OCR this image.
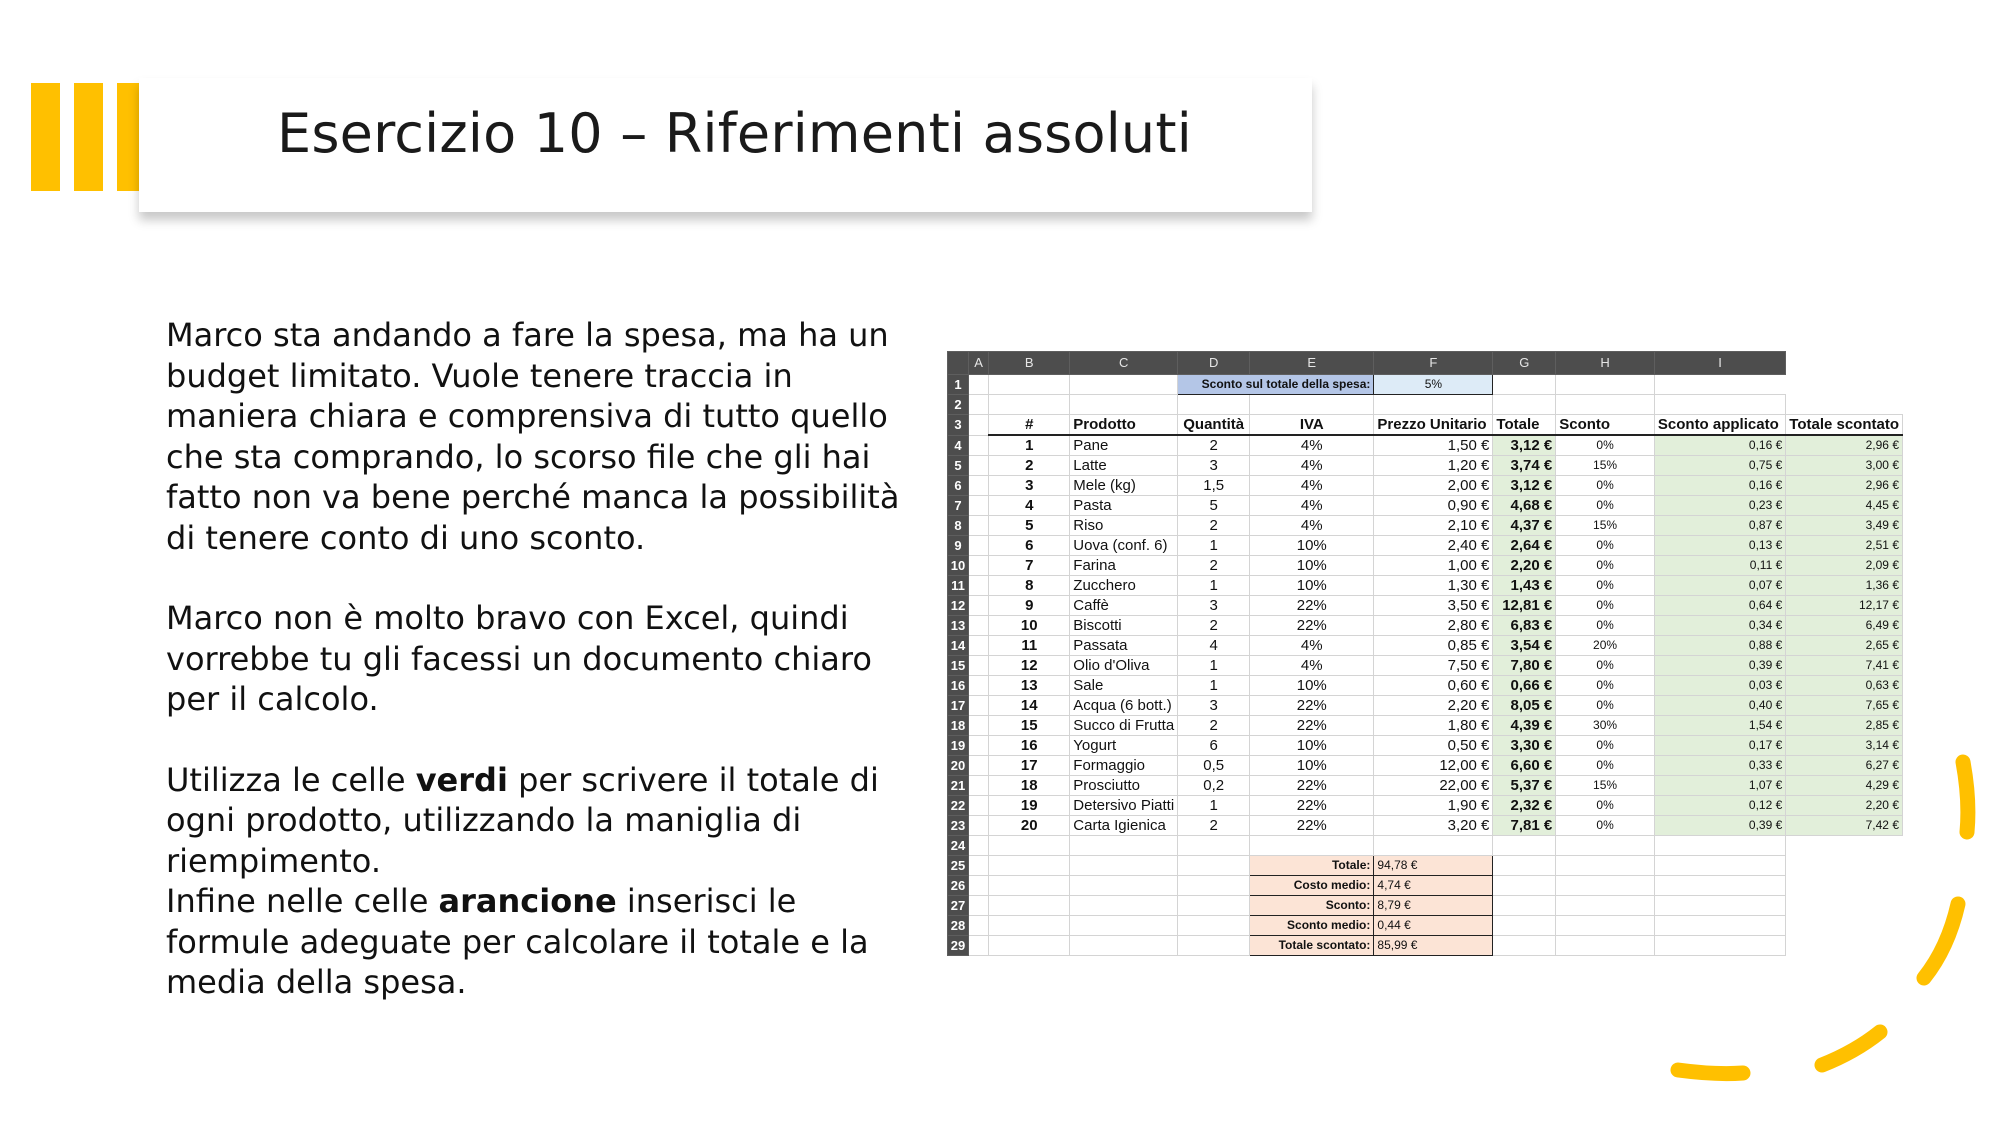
Esercizio 10 – Riferimenti assoluti

Marco sta andando a fare la spesa, ma ha un budget limitato. Vuole tenere traccia in maniera chiara e comprensiva di tutto quello che sta comprando, lo scorso file che gli hai fatto non va bene perché manca la possibilità di tenere conto di uno sconto.

Marco non è molto bravo con Excel, quindi vorrebbe tu gli facessi un documento chiaro per il calcolo.

Utilizza le celle verdi per scrivere il totale di ogni prodotto, utilizzando la maniglia di riempimento.

Infine nelle celle arancione inserisci le formule adeguate per calcolare il totale e la media della spesa.

	A	B	C	D	E	F	G	H	I	
1				Sconto sul totale della spesa:		5%				
2										
3		#	Prodotto	Quantità	IVA	Prezzo Unitario	Totale	Sconto	Sconto applicato	Totale scontato
4		1	Pane	2	4%	1,50 €	3,12 €	0%	0,16 €	2,96 €
5		2	Latte	3	4%	1,20 €	3,74 €	15%	0,75 €	3,00 €
6		3	Mele (kg)	1,5	4%	2,00 €	3,12 €	0%	0,16 €	2,96 €
7		4	Pasta	5	4%	0,90 €	4,68 €	0%	0,23 €	4,45 €
8		5	Riso	2	4%	2,10 €	4,37 €	15%	0,87 €	3,49 €
9		6	Uova (conf. 6)	1	10%	2,40 €	2,64 €	0%	0,13 €	2,51 €
10		7	Farina	2	10%	1,00 €	2,20 €	0%	0,11 €	2,09 €
11		8	Zucchero	1	10%	1,30 €	1,43 €	0%	0,07 €	1,36 €
12		9	Caffè	3	22%	3,50 €	12,81 €	0%	0,64 €	12,17 €
13		10	Biscotti	2	22%	2,80 €	6,83 €	0%	0,34 €	6,49 €
14		11	Passata	4	4%	0,85 €	3,54 €	20%	0,88 €	2,65 €
15		12	Olio d'Oliva	1	4%	7,50 €	7,80 €	0%	0,39 €	7,41 €
16		13	Sale	1	10%	0,60 €	0,66 €	0%	0,03 €	0,63 €
17		14	Acqua (6 bott.)	3	22%	2,20 €	8,05 €	0%	0,40 €	7,65 €
18		15	Succo di Frutta	2	22%	1,80 €	4,39 €	30%	1,54 €	2,85 €
19		16	Yogurt	6	10%	0,50 €	3,30 €	0%	0,17 €	3,14 €
20		17	Formaggio	0,5	10%	12,00 €	6,60 €	0%	0,33 €	6,27 €
21		18	Prosciutto	0,2	22%	22,00 €	5,37 €	15%	1,07 €	4,29 €
22		19	Detersivo Piatti	1	22%	1,90 €	2,32 €	0%	0,12 €	2,20 €
23		20	Carta Igienica	2	22%	3,20 €	7,81 €	0%	0,39 €	7,42 €
24										
25					Totale:	94,78 €				
26					Costo medio:	4,74 €				
27					Sconto:	8,79 €				
28					Sconto medio:	0,44 €				
29					Totale scontato:	85,99 €				
